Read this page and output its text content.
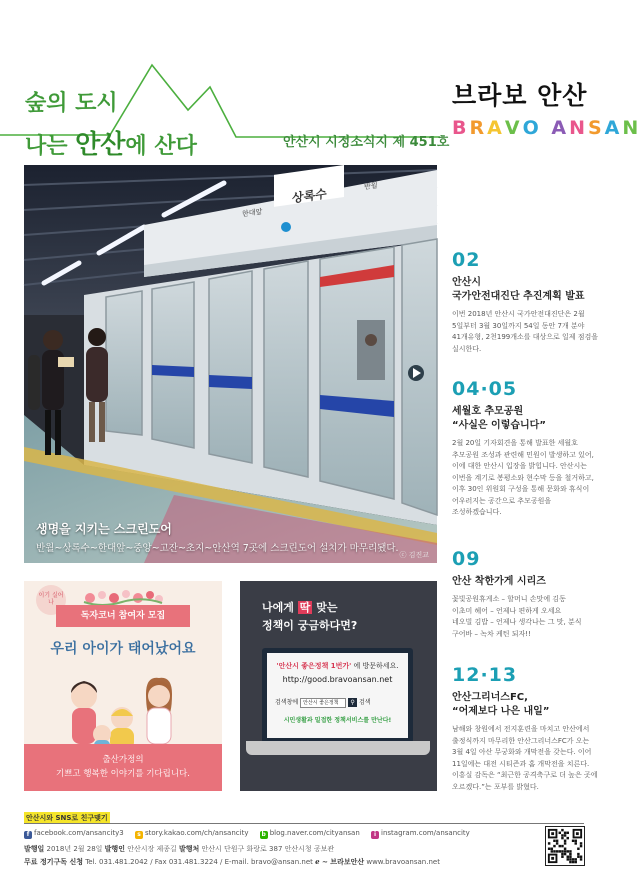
숲의 도시
나는 안산에 산다	안산시 시정소식지 제 451호
브라보 안산
BRAVO ANSAN
상록수
한대앞
반월
생명을 지키는 스크린도어
반월~상록수~한대앞~중앙~고잔~초지~안산역 7곳에 스크린도어 설치가 마무리됐다.
ⓒ 김진교
02
안산시
국가안전대진단 추진계획 발표
이번 2018년 안산시 국가안전대진단은 2월 5일부터 3월 30일까지 54일 동안 7개 분야 41개유형, 2천199개소를 대상으로 일제 점검을 실시한다.
04·05
세월호 추모공원
“사실은 이렇습니다”
2월 20일 기자회견을 통해 발표한 세월호 추모공원 조성과 관련해 민원이 발생하고 있어, 이에 대한 안산시 입장을 밝힙니다. 안산시는 이번을 계기로 봉평소와 현수막 등을 철거하고, 이후 30인 위원회 구성을 통해 문화와 휴식이 어우러지는 공간으로 추모공원을 조성하겠습니다.
09
안산 착한가게 시리즈
꽃빛공원휴게소 – 할머니 손맛에 김동
이초미 헤어 – 언제나 편하게 오세요
네오빌 김밥 – 언제나 생각나는 그 맛, 분식
구어바 – 녹차 케틴 되자!!
12·13
안산그리너스FC,
“어제보다 나은 내일”
남해와 창원에서 전지훈련을 마치고 안산에서 출정식까지 마무리한 안산그리너스FC가 오는 3월 4일 아산 무궁화와 개막전을 갖는다. 이어 11일에는 대전 시티즌과 홈 개막전을 치른다. 이흥실 감독은 “최근한 공격축구로 더 높은 곳에 오르겠다.”는 포부를 밝혔다.
이기 실어나
독자코너 참여자 모집
우리 아이가 태어났어요
출산가정의
기쁘고 행복한 이야기를 기다립니다.
나에게 딱 맞는
정책이 궁금하다면?
'안산시 좋은정책 1번가' 에 방문하세요.
http://good.bravoansan.net
검색창에 안산시 좋은정책 ⚲ 검색
시민생활과 밀접한 정책서비스를 만난다!
안산시와 SNS로 친구맺기
f facebook.com/ansancity3 s story.kakao.com/ch/ansancity b blog.naver.com/cityansan i instagram.com/ansancity
발행일 2018년 2월 28일 발행인 안산시장 제종길 발행처 안산시 단원구 화랑로 387 안산시청 공보관
무료 정기구독 신청 Tel. 031.481.2042 / Fax 031.481.3224 / E-mail. bravo@ansan.net ℯ ~ 브라보안산 www.bravoansan.net
